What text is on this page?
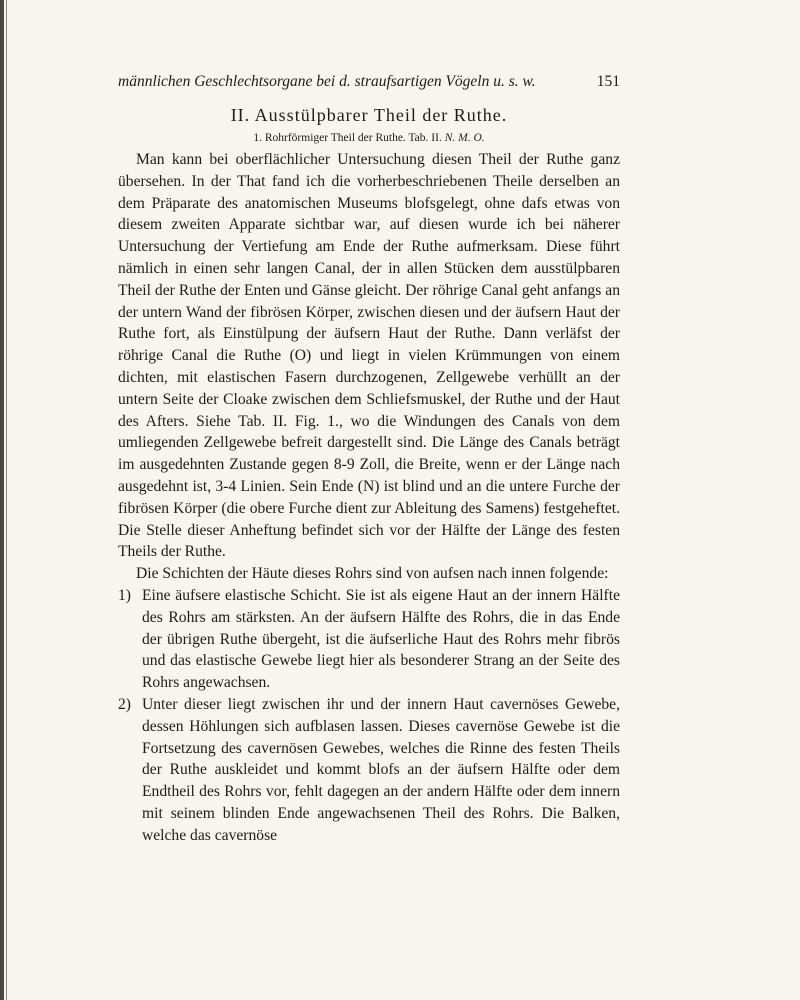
männlichen Geschlechtsorgane bei d. straufsartigen Vögeln u. s. w.	151
II. Ausstülpbarer Theil der Ruthe.
1. Rohrförmiger Theil der Ruthe. Tab. II. N. M. O.

Man kann bei oberflächlicher Untersuchung diesen Theil der Ruthe ganz übersehen. In der That fand ich die vorherbeschriebenen Theile derselben an dem Präparate des anatomischen Museums blofsgelegt, ohne dafs etwas von diesem zweiten Apparate sichtbar war, auf diesen wurde ich bei näherer Untersuchung der Vertiefung am Ende der Ruthe aufmerksam. Diese führt nämlich in einen sehr langen Canal, der in allen Stücken dem ausstülpbaren Theil der Ruthe der Enten und Gänse gleicht. Der röhrige Canal geht anfangs an der untern Wand der fibrösen Körper, zwischen diesen und der äufsern Haut der Ruthe fort, als Einstülpung der äufsern Haut der Ruthe. Dann verläfst der röhrige Canal die Ruthe (O) und liegt in vielen Krümmungen von einem dichten, mit elastischen Fasern durchzogenen, Zellgewebe verhüllt an der untern Seite der Cloake zwischen dem Schliefsmuskel, der Ruthe und der Haut des Afters. Siehe Tab. II. Fig. 1., wo die Windungen des Canals von dem umliegenden Zellgewebe befreit dargestellt sind. Die Länge des Canals beträgt im ausgedehnten Zustande gegen 8-9 Zoll, die Breite, wenn er der Länge nach ausgedehnt ist, 3-4 Linien. Sein Ende (N) ist blind und an die untere Furche der fibrösen Körper (die obere Furche dient zur Ableitung des Samens) festgeheftet. Die Stelle dieser Anheftung befindet sich vor der Hälfte der Länge des festen Theils der Ruthe.

Die Schichten der Häute dieses Rohrs sind von aufsen nach innen folgende:

1) Eine äufsere elastische Schicht. Sie ist als eigene Haut an der innern Hälfte des Rohrs am stärksten. An der äufsern Hälfte des Rohrs, die in das Ende der übrigen Ruthe übergeht, ist die äufserliche Haut des Rohrs mehr fibrös und das elastische Gewebe liegt hier als besonderer Strang an der Seite des Rohrs angewachsen.
2) Unter dieser liegt zwischen ihr und der innern Haut cavernöses Gewebe, dessen Höhlungen sich aufblasen lassen. Dieses cavernöse Gewebe ist die Fortsetzung des cavernösen Gewebes, welches die Rinne des festen Theils der Ruthe auskleidet und kommt blofs an der äufsern Hälfte oder dem Endtheil des Rohrs vor, fehlt dagegen an der andern Hälfte oder dem innern mit seinem blinden Ende angewachsenen Theil des Rohrs. Die Balken, welche das cavernöse
